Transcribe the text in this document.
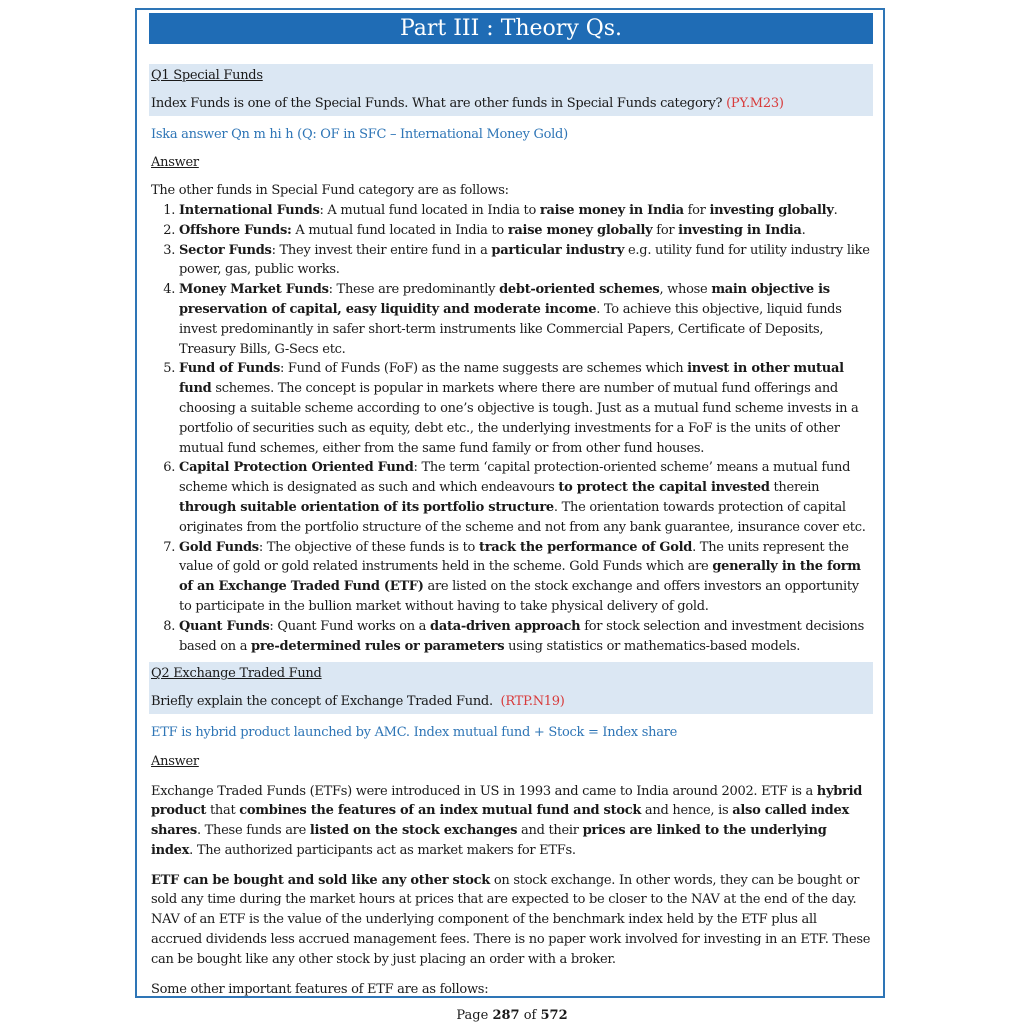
Part III : Theory Qs.

Q1 Special Funds

Index Funds is one of the Special Funds. What are other funds in Special Funds category? (PY.M23)

Iska answer Qn m hi h (Q: OF in SFC – International Money Gold)

Answer

The other funds in Special Fund category are as follows:

1. International Funds: A mutual fund located in India to raise money in India for investing globally.
2. Offshore Funds: A mutual fund located in India to raise money globally for investing in India.
3. Sector Funds: They invest their entire fund in a particular industry e.g. utility fund for utility industry like power, gas, public works.
4. Money Market Funds: These are predominantly debt-oriented schemes, whose main objective is preservation of capital, easy liquidity and moderate income. To achieve this objective, liquid funds invest predominantly in safer short-term instruments like Commercial Papers, Certificate of Deposits, Treasury Bills, G-Secs etc.
5. Fund of Funds: Fund of Funds (FoF) as the name suggests are schemes which invest in other mutual fund schemes. The concept is popular in markets where there are number of mutual fund offerings and choosing a suitable scheme according to one’s objective is tough. Just as a mutual fund scheme invests in a portfolio of securities such as equity, debt etc., the underlying investments for a FoF is the units of other mutual fund schemes, either from the same fund family or from other fund houses.
6. Capital Protection Oriented Fund: The term ‘capital protection-oriented scheme’ means a mutual fund scheme which is designated as such and which endeavours to protect the capital invested therein through suitable orientation of its portfolio structure. The orientation towards protection of capital originates from the portfolio structure of the scheme and not from any bank guarantee, insurance cover etc.
7. Gold Funds: The objective of these funds is to track the performance of Gold. The units represent the value of gold or gold related instruments held in the scheme. Gold Funds which are generally in the form of an Exchange Traded Fund (ETF) are listed on the stock exchange and offers investors an opportunity to participate in the bullion market without having to take physical delivery of gold.
8. Quant Funds: Quant Fund works on a data-driven approach for stock selection and investment decisions based on a pre-determined rules or parameters using statistics or mathematics-based models.

Q2 Exchange Traded Fund

Briefly explain the concept of Exchange Traded Fund. (RTP.N19)

ETF is hybrid product launched by AMC. Index mutual fund + Stock = Index share

Answer

Exchange Traded Funds (ETFs) were introduced in US in 1993 and came to India around 2002. ETF is a hybrid product that combines the features of an index mutual fund and stock and hence, is also called index shares. These funds are listed on the stock exchanges and their prices are linked to the underlying index. The authorized participants act as market makers for ETFs.

ETF can be bought and sold like any other stock on stock exchange. In other words, they can be bought or sold any time during the market hours at prices that are expected to be closer to the NAV at the end of the day. NAV of an ETF is the value of the underlying component of the benchmark index held by the ETF plus all accrued dividends less accrued management fees. There is no paper work involved for investing in an ETF. These can be bought like any other stock by just placing an order with a broker.

Some other important features of ETF are as follows:

Page 287 of 572
